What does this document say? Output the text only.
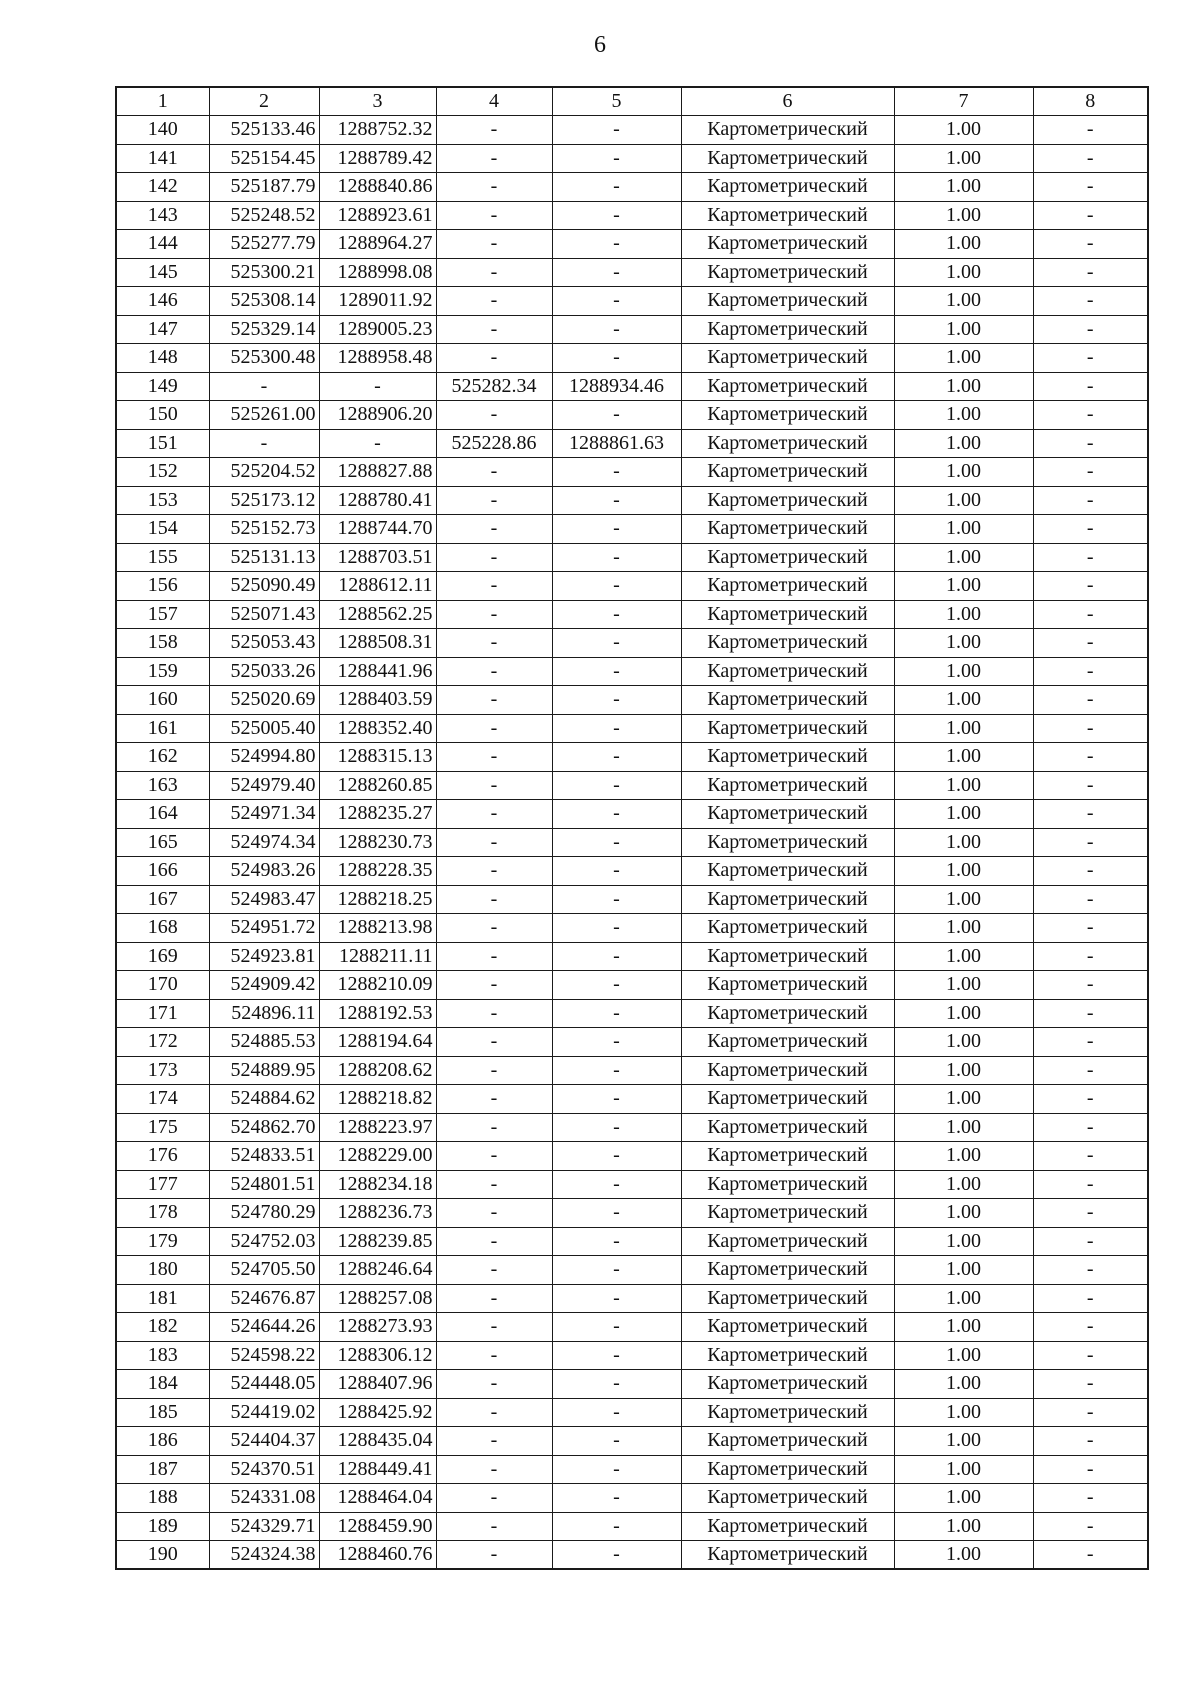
6
1	2	3	4	5	6	7	8
140	525133.46	1288752.32	-	-	Картометрический	1.00	-
141	525154.45	1288789.42	-	-	Картометрический	1.00	-
142	525187.79	1288840.86	-	-	Картометрический	1.00	-
143	525248.52	1288923.61	-	-	Картометрический	1.00	-
144	525277.79	1288964.27	-	-	Картометрический	1.00	-
145	525300.21	1288998.08	-	-	Картометрический	1.00	-
146	525308.14	1289011.92	-	-	Картометрический	1.00	-
147	525329.14	1289005.23	-	-	Картометрический	1.00	-
148	525300.48	1288958.48	-	-	Картометрический	1.00	-
149	-	-	525282.34	1288934.46	Картометрический	1.00	-
150	525261.00	1288906.20	-	-	Картометрический	1.00	-
151	-	-	525228.86	1288861.63	Картометрический	1.00	-
152	525204.52	1288827.88	-	-	Картометрический	1.00	-
153	525173.12	1288780.41	-	-	Картометрический	1.00	-
154	525152.73	1288744.70	-	-	Картометрический	1.00	-
155	525131.13	1288703.51	-	-	Картометрический	1.00	-
156	525090.49	1288612.11	-	-	Картометрический	1.00	-
157	525071.43	1288562.25	-	-	Картометрический	1.00	-
158	525053.43	1288508.31	-	-	Картометрический	1.00	-
159	525033.26	1288441.96	-	-	Картометрический	1.00	-
160	525020.69	1288403.59	-	-	Картометрический	1.00	-
161	525005.40	1288352.40	-	-	Картометрический	1.00	-
162	524994.80	1288315.13	-	-	Картометрический	1.00	-
163	524979.40	1288260.85	-	-	Картометрический	1.00	-
164	524971.34	1288235.27	-	-	Картометрический	1.00	-
165	524974.34	1288230.73	-	-	Картометрический	1.00	-
166	524983.26	1288228.35	-	-	Картометрический	1.00	-
167	524983.47	1288218.25	-	-	Картометрический	1.00	-
168	524951.72	1288213.98	-	-	Картометрический	1.00	-
169	524923.81	1288211.11	-	-	Картометрический	1.00	-
170	524909.42	1288210.09	-	-	Картометрический	1.00	-
171	524896.11	1288192.53	-	-	Картометрический	1.00	-
172	524885.53	1288194.64	-	-	Картометрический	1.00	-
173	524889.95	1288208.62	-	-	Картометрический	1.00	-
174	524884.62	1288218.82	-	-	Картометрический	1.00	-
175	524862.70	1288223.97	-	-	Картометрический	1.00	-
176	524833.51	1288229.00	-	-	Картометрический	1.00	-
177	524801.51	1288234.18	-	-	Картометрический	1.00	-
178	524780.29	1288236.73	-	-	Картометрический	1.00	-
179	524752.03	1288239.85	-	-	Картометрический	1.00	-
180	524705.50	1288246.64	-	-	Картометрический	1.00	-
181	524676.87	1288257.08	-	-	Картометрический	1.00	-
182	524644.26	1288273.93	-	-	Картометрический	1.00	-
183	524598.22	1288306.12	-	-	Картометрический	1.00	-
184	524448.05	1288407.96	-	-	Картометрический	1.00	-
185	524419.02	1288425.92	-	-	Картометрический	1.00	-
186	524404.37	1288435.04	-	-	Картометрический	1.00	-
187	524370.51	1288449.41	-	-	Картометрический	1.00	-
188	524331.08	1288464.04	-	-	Картометрический	1.00	-
189	524329.71	1288459.90	-	-	Картометрический	1.00	-
190	524324.38	1288460.76	-	-	Картометрический	1.00	-
